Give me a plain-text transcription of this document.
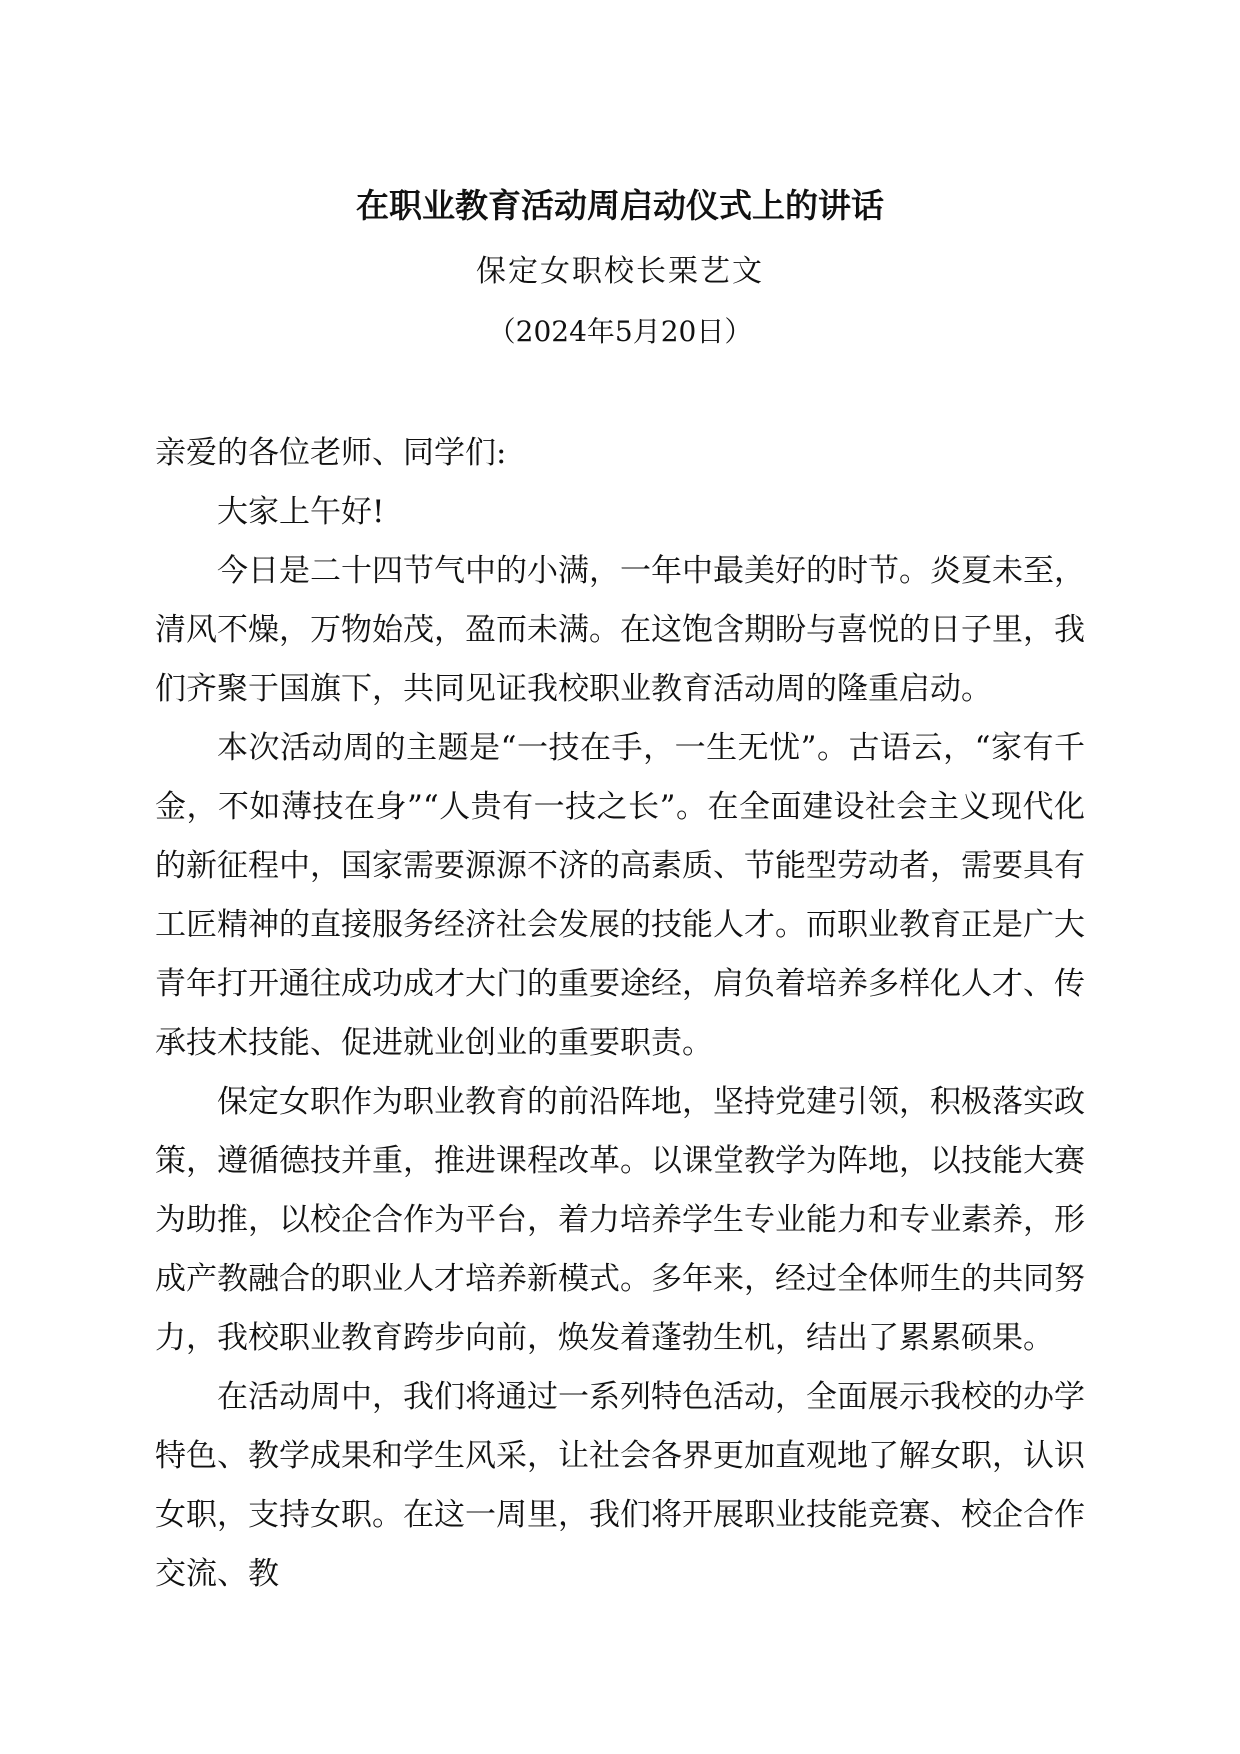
在职业教育活动周启动仪式上的讲话
保定女职校长栗艺文
（2024年5月20日）

亲爱的各位老师、同学们:

大家上午好!

今日是二十四节气中的小满，一年中最美好的时节。炎夏未至，清风不燥，万物始茂，盈而未满。在这饱含期盼与喜悦的日子里，我们齐聚于国旗下，共同见证我校职业教育活动周的隆重启动。

本次活动周的主题是“一技在手，一生无忧”。古语云，“家有千金，不如薄技在身”“人贵有一技之长”。在全面建设社会主义现代化的新征程中，国家需要源源不济的高素质、节能型劳动者，需要具有工匠精神的直接服务经济社会发展的技能人才。而职业教育正是广大青年打开通往成功成才大门的重要途经，肩负着培养多样化人才、传承技术技能、促进就业创业的重要职责。

保定女职作为职业教育的前沿阵地，坚持党建引领，积极落实政策，遵循德技并重，推进课程改革。以课堂教学为阵地，以技能大赛为助推，以校企合作为平台，着力培养学生专业能力和专业素养，形成产教融合的职业人才培养新模式。多年来，经过全体师生的共同努力，我校职业教育跨步向前，焕发着蓬勃生机，结出了累累硕果。

在活动周中，我们将通过一系列特色活动，全面展示我校的办学特色、教学成果和学生风采，让社会各界更加直观地了解女职，认识女职，支持女职。在这一周里，我们将开展职业技能竞赛、校企合作交流、教
